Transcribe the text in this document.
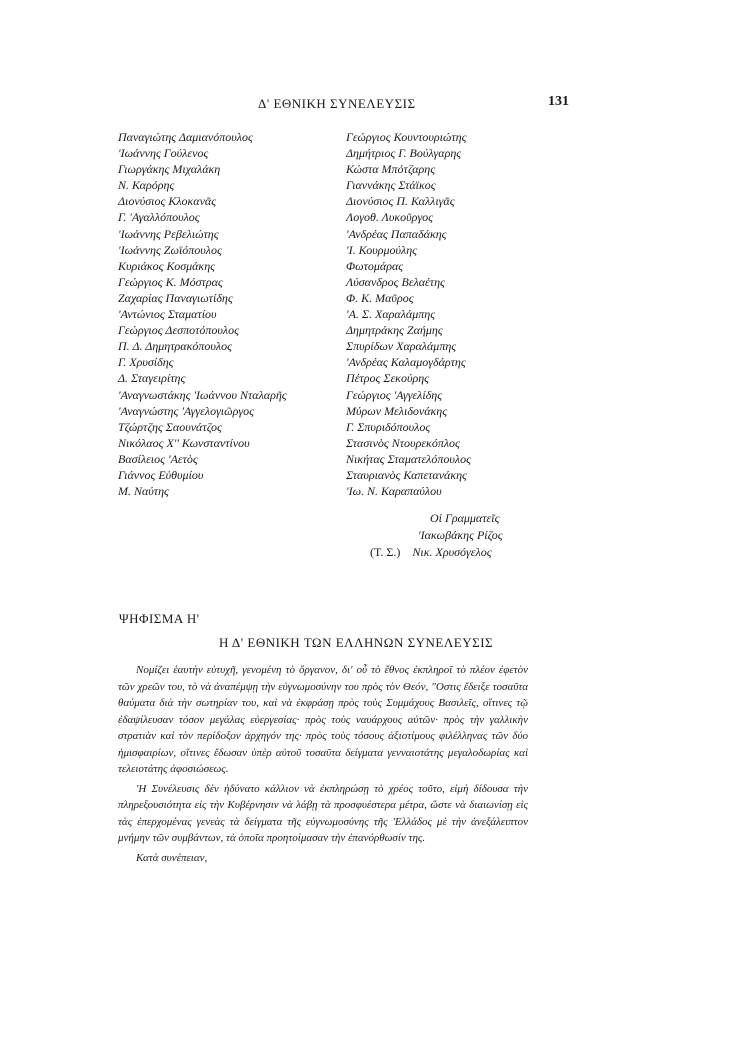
Δ' ΕΘΝΙΚΗ ΣΥΝΕΛΕΥΣΙΣ	131
Παναγιώτης Δαμιανόπουλος
'Ιωάννης Γούλενος
Γιωργάκης Μιχαλάκη
Ν. Καρόρης
Διονύσιος Κλοκανᾶς
Γ. 'Αγαλλόπουλος
'Ιωάννης Ρεβελιώτης
'Ιωάννης Ζωϊόπουλος
Κυριάκος Κοσμάκης
Γεώργιος Κ. Μόστρας
Ζαχαρίας Παναγιωτίδης
'Αντώνιος Σταματίου
Γεώργιος Δεσποτόπουλος
Π. Δ. Δημητρακόπουλος
Γ. Χρυσίδης
Δ. Σταγειρίτης
'Αναγνωστάκης 'Ιωάννου Νταλαρῆς
'Αναγνώστης 'Αγγελογιῶργος
Τζώρτζης Σαουνάτζος
Νικόλαος Χ'' Κωνσταντίνου
Βασίλειος 'Αετὸς
Γιάννος Εὐθυμίου
Μ. Ναύτης
Γεώργιος Κουντουριώτης
Δημήτριος Γ. Βούλγαρης
Κώστα Μπότζαρης
Γιαννάκης Στάϊκος
Διονύσιος Π. Καλλιγᾶς
Λογοθ. Λυκοῦργος
'Ανδρέας Παπαδάκης
'Ι. Κουρμούλης
Φωτομάρας
Λύσανδρος Βελαέτης
Φ. Κ. Μαῦρος
'Α. Σ. Χαραλάμπης
Δημητράκης Ζαήμης
Σπυρίδων Χαραλάμπης
'Ανδρέας Καλαμογδάρτης
Πέτρος Σεκούρης
Γεώργιος 'Αγγελίδης
Μύρων Μελιδονάκης
Γ. Σπυριδόπουλος
Στασινὸς Ντουρεκόπλος
Νικήτας Σταματελόπουλος
Σταυριανὸς Καπετανάκης
'Ιω. Ν. Καραπαύλου
Οἱ Γραμματεῖς
'Ιακωβάκης Ρίζος
(Τ. Σ.) Νικ. Χρυσόγελος
ΨΗΦΙΣΜΑ Η'
Η Δ' ΕΘΝΙΚΗ ΤΩΝ ΕΛΛΗΝΩΝ ΣΥΝΕΛΕΥΣΙΣ

Νομίζει ἑαυτὴν εὐτυχῆ, γενομένη τὸ ὄργανον, δι' οὗ τὸ ἔθνος ἐκπληροῖ τὸ πλέον ἐφετὸν τῶν χρεῶν του, τὸ νὰ ἀναπέμψῃ τὴν εὐγνωμοσύνην του πρὸς τὸν Θεόν, "Οστις ἔδειξε τοσαῦτα θαύματα διὰ τὴν σωτηρίαν του, καὶ νὰ ἐκφράσῃ πρὸς τοὺς Συμμάχους Βασιλεῖς, οἵτινες τῷ ἐδαψίλευσαν τόσον μεγάλας εὐεργεσίας· πρὸς τοὺς ναυάρχους αὐτῶν· πρὸς τὴν γαλλικὴν στρατιὰν καὶ τὸν περίδοξον ἀρχηγόν της· πρὸς τοὺς τόσους ἀξιοτίμους φιλέλληνας τῶν δύο ἡμισφαιρίων, οἵτινες ἔδωσαν ὑπὲρ αὐτοῦ τοσαῦτα δείγματα γενναιοτάτης μεγαλοδωρίας καὶ τελειοτάτης ἀφοσιώσεως.

'Η Συνέλευσις δὲν ἠδύνατο κάλλιον νὰ ἐκπληρώσῃ τὸ χρέος τοῦτο, εἰμὴ δίδουσα τὴν πληρεξουσιότητα εἰς τὴν Κυβέρνησιν νὰ λάβῃ τὰ προσφυέστερα μέτρα, ὥστε νὰ διαιωνίσῃ εἰς τὰς ἐπερχομένας γενεὰς τὰ δείγματα τῆς εὐγνωμοσύνης τῆς 'Ελλάδος μὲ τὴν ἀνεξάλειπτον μνήμην τῶν συμβάντων, τὰ ὁποῖα προητοίμασαν τὴν ἐπανόρθωσίν της.

Κατὰ συνέπειαν,
